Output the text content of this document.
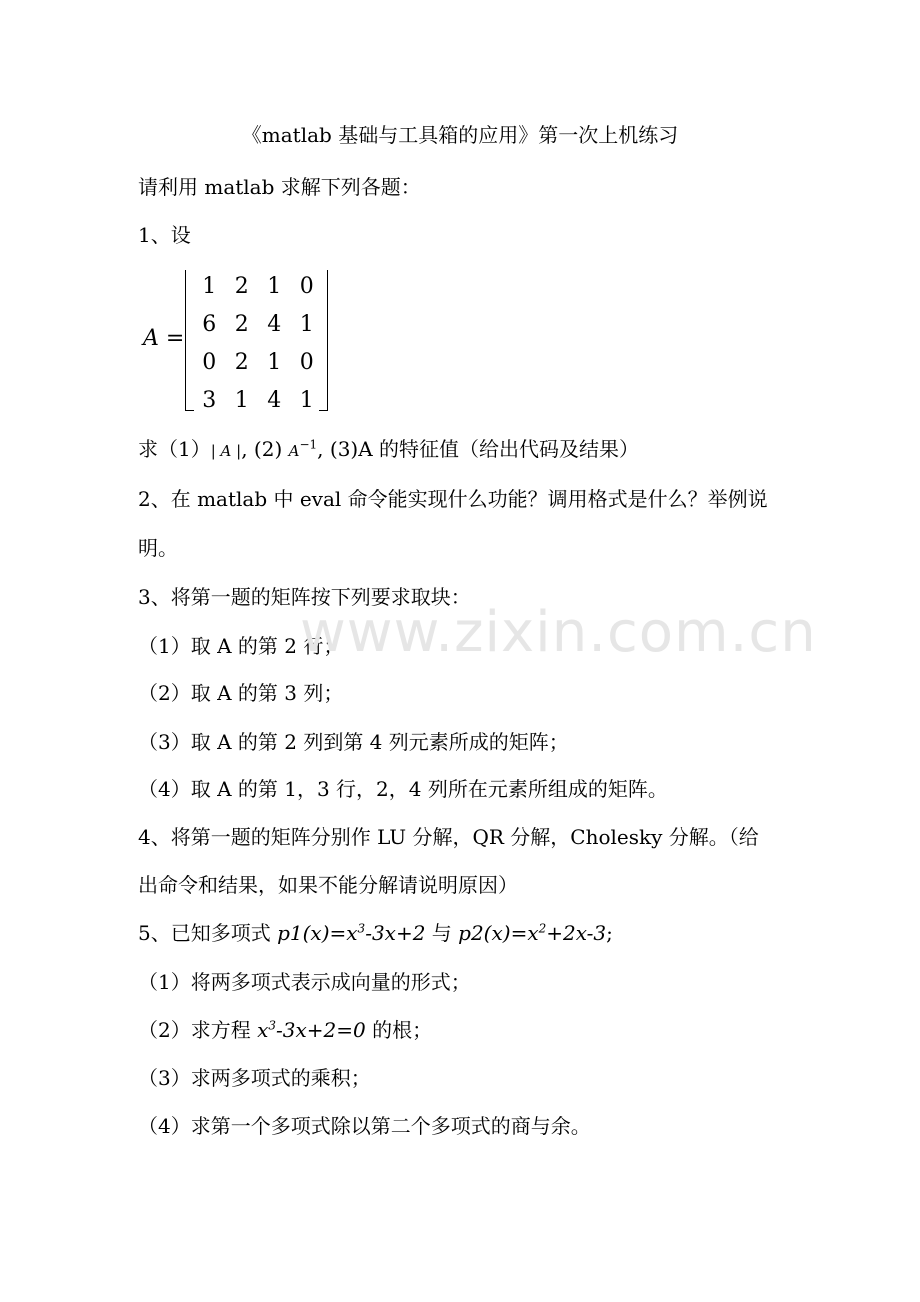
《matlab 基础与工具箱的应用》第一次上机练习
请利用 matlab 求解下列各题：
1、设
A =
1 2 1 0
6 2 4 1
0 2 1 0
3 1 4 1
求（1）| A |, (2) $A^{-1}$, (3)A 的特征值（给出代码及结果）
2、在 matlab 中 eval 命令能实现什么功能？调用格式是什么？举例说
明。
3、将第一题的矩阵按下列要求取块：
（1）取 A 的第 2 行；
（2）取 A 的第 3 列；
（3）取 A 的第 2 列到第 4 列元素所成的矩阵；
（4）取 A 的第 1，3 行，2，4 列所在元素所组成的矩阵。
4、将第一题的矩阵分别作 LU 分解，QR 分解，Cholesky 分解。（给
出命令和结果，如果不能分解请说明原因）
5、已知多项式 $p1(x)=x^3-3x+2$ 与 $p2(x)=x^2+2x-3$;
（1）将两多项式表示成向量的形式；
（2）求方程 $x^3-3x+2=0$ 的根；
（3）求两多项式的乘积；
（4）求第一个多项式除以第二个多项式的商与余。
www.zixin.com.cn
